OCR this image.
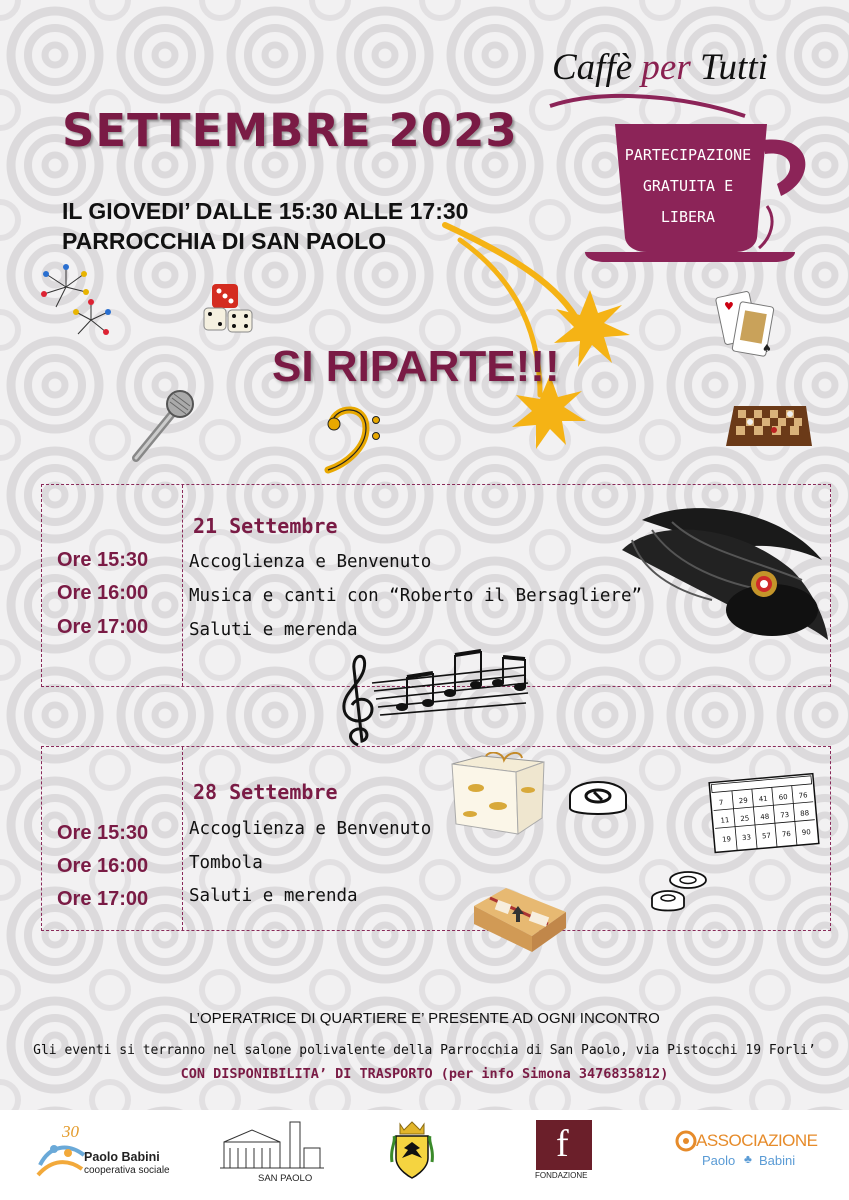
Caffè per Tutti
PARTECIPAZIONE
GRATUITA E
LIBERA
SETTEMBRE 2023
IL GIOVEDI’ DALLE 15:30 ALLE 17:30
PARROCCHIA DI SAN PAOLO
♥
♠
SI RIPARTE!!!
21 Settembre
Ore 15:30 Accoglienza e Benvenuto
Ore 16:00 Musica e canti con “Roberto il Bersagliere”
Ore 17:00 Saluti e merenda
28 Settembre
Ore 15:30 Accoglienza e Benvenuto
Ore 16:00 Tombola
Ore 17:00 Saluti e merenda
7 29 41 60 76
11 25 48 73 88
19 33 57 76 90
L’OPERATRICE DI QUARTIERE E’ PRESENTE AD OGNI INCONTRO
Gli eventi si terranno nel salone polivalente della Parrocchia di San Paolo, via Pistocchi 19 Forli’
CON DISPONIBILITA’ DI TRASPORTO (per info Simona 3476835812)
30
Paolo Babini
cooperativa sociale
SAN PAOLO
f
FONDAZIONE
ASSOCIAZIONE
Paolo ♣ Babini
